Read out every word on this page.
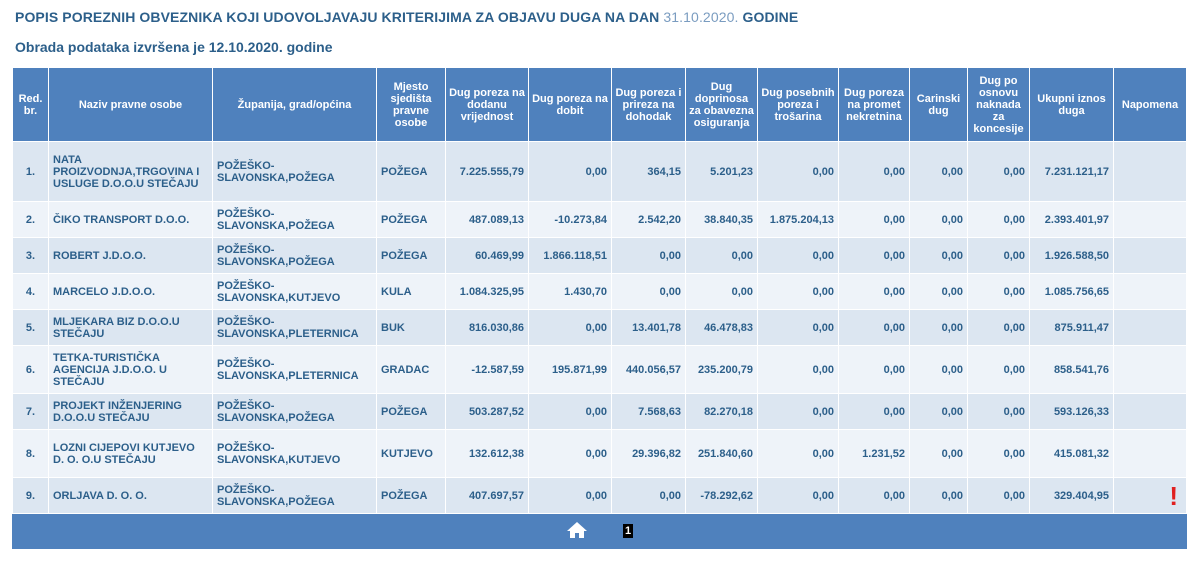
POPIS POREZNIH OBVEZNIKA KOJI UDOVOLJAVAJU KRITERIJIMA ZA OBJAVU DUGA NA DAN 31.10.2020. GODINE
Obrada podataka izvršena je 12.10.2020. godine
Red. br.	Naziv pravne osobe	Županija, grad/općina	Mjesto sjedišta pravne osobe	Dug poreza na dodanu vrijednost	Dug poreza na dobit	Dug poreza i prireza na dohodak	Dug doprinosa za obavezna osiguranja	Dug posebnih poreza i trošarina	Dug poreza na promet nekretnina	Carinski dug	Dug po osnovu naknada za koncesije	Ukupni iznos duga	Napomena
1.	NATA PROIZVODNJA,TRGOVINA I USLUGE D.O.O.U STEČAJU	POŽEŠKO-SLAVONSKA,POŽEGA	POŽEGA	7.225.555,79	0,00	364,15	5.201,23	0,00	0,00	0,00	0,00	7.231.121,17	
2.	ČIKO TRANSPORT D.O.O.	POŽEŠKO-SLAVONSKA,POŽEGA	POŽEGA	487.089,13	-10.273,84	2.542,20	38.840,35	1.875.204,13	0,00	0,00	0,00	2.393.401,97	
3.	ROBERT J.D.O.O.	POŽEŠKO-SLAVONSKA,POŽEGA	POŽEGA	60.469,99	1.866.118,51	0,00	0,00	0,00	0,00	0,00	0,00	1.926.588,50	
4.	MARCELO J.D.O.O.	POŽEŠKO-SLAVONSKA,KUTJEVO	KULA	1.084.325,95	1.430,70	0,00	0,00	0,00	0,00	0,00	0,00	1.085.756,65	
5.	MLJEKARA BIZ D.O.O.U STEČAJU	POŽEŠKO-SLAVONSKA,PLETERNICA	BUK	816.030,86	0,00	13.401,78	46.478,83	0,00	0,00	0,00	0,00	875.911,47	
6.	TETKA-TURISTIČKA AGENCIJA J.D.O.O. U STEČAJU	POŽEŠKO-SLAVONSKA,PLETERNICA	GRADAC	-12.587,59	195.871,99	440.056,57	235.200,79	0,00	0,00	0,00	0,00	858.541,76	
7.	PROJEKT INŽENJERING D.O.O.U STEČAJU	POŽEŠKO-SLAVONSKA,POŽEGA	POŽEGA	503.287,52	0,00	7.568,63	82.270,18	0,00	0,00	0,00	0,00	593.126,33	
8.	LOZNI CIJEPOVI KUTJEVO D. O. O.U STEČAJU	POŽEŠKO-SLAVONSKA,KUTJEVO	KUTJEVO	132.612,38	0,00	29.396,82	251.840,60	0,00	1.231,52	0,00	0,00	415.081,32	
9.	ORLJAVA D. O. O.	POŽEŠKO-SLAVONSKA,POŽEGA	POŽEGA	407.697,57	0,00	0,00	-78.292,62	0,00	0,00	0,00	0,00	329.404,95	!

1													
